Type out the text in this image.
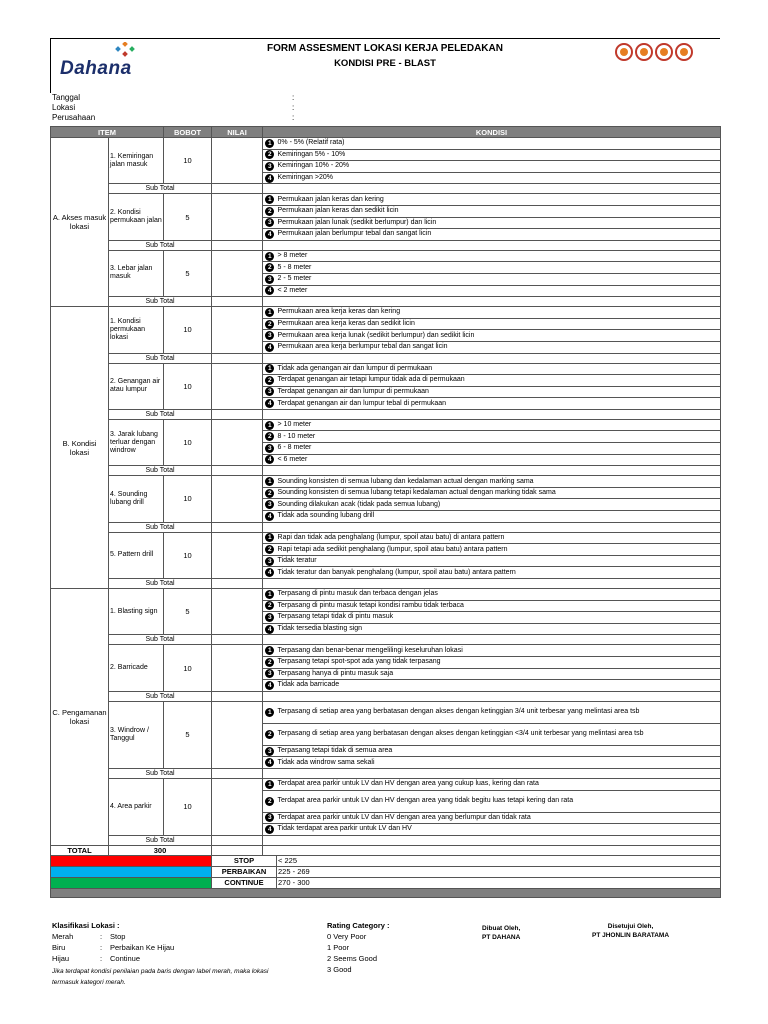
Dahana
FORM ASSESMENT LOKASI KERJA PELEDAKAN
KONDISI PRE - BLAST
Tanggal	:
Lokasi	:
Perusahaan	:
ITEM		BOBOT	NILAI	KONDISI	
A. Akses masuk lokasi	1. Kemiringan jalan masuk	10		1	0% - 5% (Relatif rata)
				2	Kemiringan 5% - 10%
				3	Kemiringan 10% - 20%
				4	Kemiringan >20%
	Sub Total				
	2. Kondisi permukaan jalan	5		1	Permukaan jalan keras dan kering
				2	Permukaan jalan keras dan sedikit licin
				3	Permukaan jalan lunak (sedikit berlumpur) dan licin
				4	Permukaan jalan berlumpur tebal dan sangat licin
	Sub Total				
	3. Lebar jalan masuk	5		1	> 8 meter
				2	5 - 8 meter
				3	2 - 5 meter
				4	< 2 meter
	Sub Total				
B. Kondisi lokasi	1. Kondisi permukaan lokasi	10		1	Permukaan area kerja keras dan kering
				2	Permukaan area kerja keras dan sedikit licin
				3	Permukaan area kerja lunak (sedikit berlumpur) dan sedikit licin
				4	Permukaan area kerja berlumpur tebal dan sangat licin
	Sub Total				
	2. Genangan air atau lumpur	10		1	Tidak ada genangan air dan lumpur di permukaan
				2	Terdapat genangan air tetapi lumpur tidak ada di permukaan
				3	Terdapat genangan air dan lumpur di permukaan
				4	Terdapat genangan air dan lumpur tebal di permukaan
	Sub Total				
	3. Jarak lubang terluar dengan windrow	10		1	> 10 meter
				2	8 - 10 meter
				3	6 - 8 meter
				4	< 6 meter
	Sub Total				
	4. Sounding lubang drill	10		1	Sounding konsisten di semua lubang dan kedalaman actual dengan marking sama
				2	Sounding konsisten di semua lubang tetapi kedalaman actual dengan marking tidak sama
				3	Sounding dilakukan acak (tidak pada semua lubang)
				4	Tidak ada sounding lubang drill
	Sub Total				
	5. Pattern drill	10		1	Rapi dan tidak ada penghalang (lumpur, spoil atau batu) di antara pattern
				2	Rapi tetapi ada sedikit penghalang (lumpur, spoil atau batu) antara pattern
				3	Tidak teratur
				4	Tidak teratur dan banyak penghalang (lumpur, spoil atau batu) antara pattern
	Sub Total				
C. Pengamanan lokasi	1. Blasting sign	5		1	Terpasang di pintu masuk dan terbaca dengan jelas
				2	Terpasang di pintu masuk tetapi kondisi rambu tidak terbaca
				3	Terpasang tetapi tidak di pintu masuk
				4	Tidak tersedia blasting sign
	Sub Total				
	2. Barricade	10		1	Terpasang dan benar-benar mengelilingi keseluruhan lokasi
				2	Terpasang tetapi spot-spot ada yang tidak terpasang
				3	Terpasang hanya di pintu masuk saja
				4	Tidak ada barricade
	Sub Total				
	3. Windrow / Tanggul	5		1	Terpasang di setiap area yang berbatasan dengan akses dengan ketinggian 3/4 unit terbesar yang melintasi area tsb
				2	Terpasang di setiap area yang berbatasan dengan akses dengan ketinggian <3/4 unit terbesar yang melintasi area tsb
				3	Terpasang tetapi tidak di semua area
				4	Tidak ada windrow sama sekali
	Sub Total				
	4. Area parkir	10		1	Terdapat area parkir untuk LV dan HV dengan area yang cukup luas, kering dan rata
				2	Terdapat area parkir untuk LV dan HV dengan area yang tidak begitu luas tetapi kering dan rata
				3	Terdapat area parkir untuk LV dan HV dengan area yang berlumpur dan tidak rata
				4	Tidak terdapat area parkir untuk LV dan HV
	Sub Total				
TOTAL	300				
			STOP		< 225
			PERBAIKAN		225 - 269
			CONTINUE		270 - 300

Klasifikasi Lokasi :
Merah	: Stop
Biru	: Perbaikan Ke Hijau
Hijau	: Continue
Jika terdapat kondisi penilaian pada baris dengan label merah, maka lokasi termasuk kategori merah.
Rating Category :
0 Very Poor
1 Poor
2 Seems Good
3 Good
Dibuat Oleh,
PT DAHANA
Disetujui Oleh,
PT JHONLIN BARATAMA
